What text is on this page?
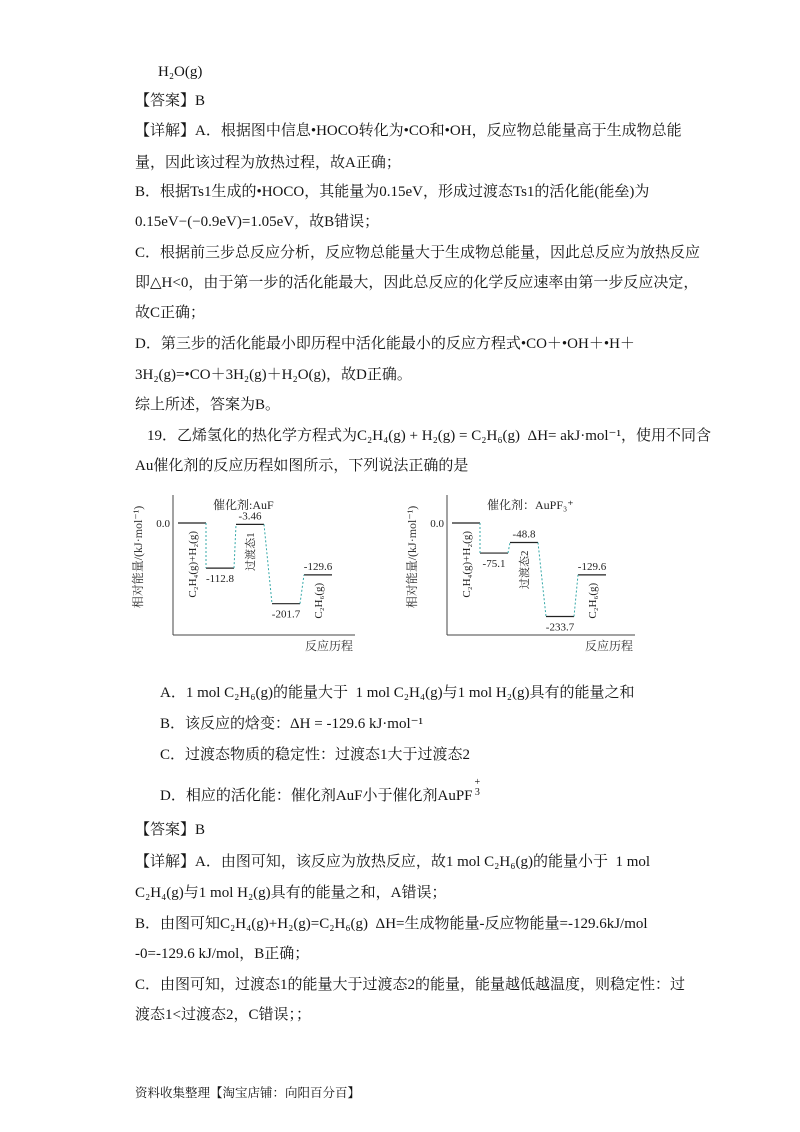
H₂O(g)
【答案】B
【详解】A．根据图中信息•HOCO转化为•CO和•OH，反应物总能量高于生成物总能
量，因此该过程为放热过程，故A正确；
B．根据Ts1生成的•HOCO，其能量为0.15eV，形成过渡态Ts1的活化能(能垒)为
0.15eV−(−0.9eV)=1.05eV，故B错误；
C．根据前三步总反应分析，反应物总能量大于生成物总能量，因此总反应为放热反应
即△H<0，由于第一步的活化能最大，因此总反应的化学反应速率由第一步反应决定，
故C正确；
D．第三步的活化能最小即历程中活化能最小的反应方程式•CO＋•OH＋•H＋
3H₂(g)=•CO＋3H₂(g)＋H₂O(g)，故D正确。
综上所述，答案为B。
19．乙烯氢化的热化学方程式为C₂H₄(g) + H₂(g) = C₂H₆(g)  ΔH= akJ·mol⁻¹，使用不同含
Au催化剂的反应历程如图所示，下列说法正确的是
催化剂:AuF
相对能量/(kJ·mol⁻¹)
反应历程
0.0
C₂H₄(g)+H₂(g) -112.8
-3.46
过渡态1
-201.7
-129.6
C₂H₆(g)
催化剂：AuPF₃⁺
相对能量/(kJ·mol⁻¹)
反应历程
0.0
C₂H₄(g)+H₂(g) -75.1
-48.8
过渡态2
-233.7
-129.6
C₂H₆(g)
A．1 mol C₂H₆(g)的能量大于  1 mol C₂H₄(g)与1 mol H₂(g)具有的能量之和
B．该反应的焓变：ΔH = -129.6 kJ·mol⁻¹
C．过渡态物质的稳定性：过渡态1大于过渡态2
D．相应的活化能：催化剂AuF小于催化剂AuPF
+
3
【答案】B
【详解】A．由图可知，该反应为放热反应，故1 mol C₂H₆(g)的能量小于  1 mol
C₂H₄(g)与1 mol H₂(g)具有的能量之和，A错误；
B．由图可知C₂H₄(g)+H₂(g)=C₂H₆(g)  ΔH=生成物能量-反应物能量=-129.6kJ/mol
-0=-129.6 kJ/mol，B正确；
C．由图可知，过渡态1的能量大于过渡态2的能量，能量越低越温度，则稳定性：过
渡态1<过渡态2，C错误；；
资料收集整理【淘宝店铺：向阳百分百】
